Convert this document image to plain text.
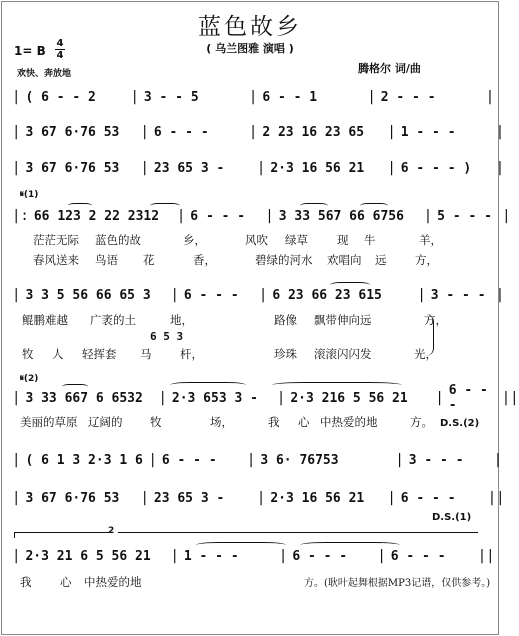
蓝色故乡
( 乌兰图雅 演唱 )
1= B
4
4
欢快、奔放地	腾格尔 词/曲
| ( 6 - - 2	| 3 - - 5	| 6 - - 1	| 2 - - -	|
| 3 67 6·76 53	| 6 - - -	| 2 23 16 23 65	| 1 - - -	|
| 3 67 6·76 53	| 23 65 3 -	| 2·3 16 56 21	| 6 - - - )	|
𝄋(1)
|: 66 123 2 22 2312	| 6 - - -	| 3 33 567 66 6756	| 5 - - - |
茫茫无际 蓝色的故	乡，	风吹 绿草	现 牛	羊，
春风送来 鸟语 花	香，	碧绿的河水 欢唱向 远 方，
| 3 3 5 56 66 65 3	| 6 - - -	| 6 23 66 23 615	| 3 - - - |
鲲鹏难越 广袤的土	地，	路像 飘带伸向远	方，
6 5 3
牧 人 轻挥套 马 杆，	珍珠 滚滚闪闪发	光，
𝄋(2)
| 3 33 667 6 6532	| 2·3 653 3 -	| 2·3 216 5 56 21	| 6 - - -	||
美丽的草原 辽阔的 牧	场，	我 心 中热爱的地	方。 D.S.(2)
| ( 6 1 3 2·3 1 6 | 6 - - -	| 3 6· 76753	| 3 - - -	|
| 3 67 6·76 53	| 23 65 3 -	| 2·3 16 56 21	| 6 - - -	||
D.S.(1)
2
| 2·3 21 6 5 56 21	| 1 - - -	| 6 - - -	| 6 - - -	||
我 心 中热爱的地	方。(耿叶起舞根据MP3记谱，仅供参考。)
